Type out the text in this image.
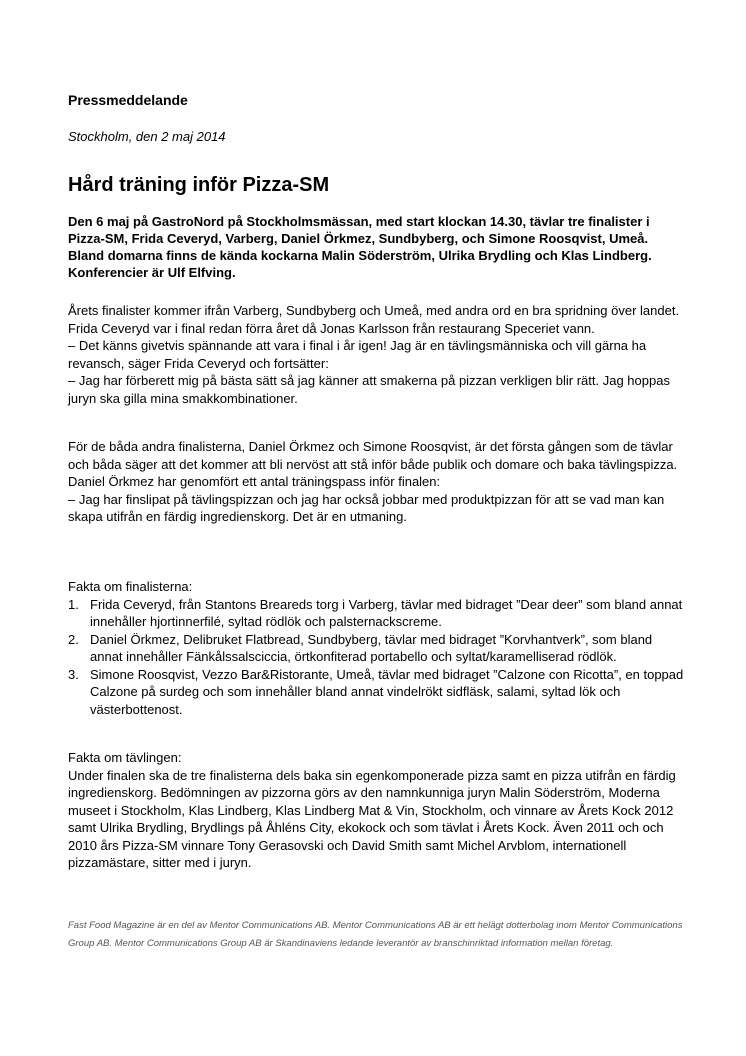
Pressmeddelande
Stockholm, den 2 maj 2014
Hård träning inför Pizza-SM
Den 6 maj på GastroNord på Stockholmsmässan, med start klockan 14.30, tävlar tre finalister i Pizza-SM, Frida Ceveryd, Varberg, Daniel Örkmez, Sundbyberg, och Simone Roosqvist, Umeå. Bland domarna finns de kända kockarna Malin Söderström, Ulrika Brydling och Klas Lindberg. Konferencier är Ulf Elfving.

Årets finalister kommer ifrån Varberg, Sundbyberg och Umeå, med andra ord en bra spridning över landet. Frida Ceveryd var i final redan förra året då Jonas Karlsson från restaurang Speceriet vann.

– Det känns givetvis spännande att vara i final i år igen! Jag är en tävlingsmänniska och vill gärna ha revansch, säger Frida Ceveryd och fortsätter:

– Jag har förberett mig på bästa sätt så jag känner att smakerna på pizzan verkligen blir rätt. Jag hoppas juryn ska gilla mina smakkombinationer.

För de båda andra finalisterna, Daniel Örkmez och Simone Roosqvist, är det första gången som de tävlar och båda säger att det kommer att bli nervöst att stå inför både publik och domare och baka tävlingspizza.

Daniel Örkmez har genomfört ett antal träningspass inför finalen:

– Jag har finslipat på tävlingspizzan och jag har också jobbar med produktpizzan för att se vad man kan skapa utifrån en färdig ingredienskorg. Det är en utmaning.

Fakta om finalisterna:

1. Frida Ceveryd, från Stantons Breareds torg i Varberg, tävlar med bidraget ”Dear deer” som bland annat innehåller hjortinnerfilé, syltad rödlök och palsternackscreme.
2. Daniel Örkmez, Delibruket Flatbread, Sundbyberg, tävlar med bidraget ”Korvhantverk”, som bland annat innehåller Fänkålssalsciccia, örtkonfiterad portabello och syltat/karamelliserad rödlök.
3. Simone Roosqvist, Vezzo Bar&Ristorante, Umeå, tävlar med bidraget ”Calzone con Ricotta”, en toppad Calzone på surdeg och som innehåller bland annat vindelrökt sidfläsk, salami, syltad lök och västerbottenost.

Fakta om tävlingen:

Under finalen ska de tre finalisterna dels baka sin egenkomponerade pizza samt en pizza utifrån en färdig ingredienskorg. Bedömningen av pizzorna görs av den namnkunniga juryn Malin Söderström, Moderna museet i Stockholm, Klas Lindberg, Klas Lindberg Mat & Vin, Stockholm, och vinnare av Årets Kock 2012 samt Ulrika Brydling, Brydlings på Åhléns City, ekokock och som tävlat i Årets Kock. Även 2011 och och 2010 års Pizza-SM vinnare Tony Gerasovski och David Smith samt Michel Arvblom, internationell pizzamästare, sitter med i juryn.

Fast Food Magazine är en del av Mentor Communications AB. Mentor Communications AB är ett helägt dotterbolag inom Mentor Communications Group AB. Mentor Communications Group AB är Skandinaviens ledande leverantör av branschinriktad information mellan företag.
